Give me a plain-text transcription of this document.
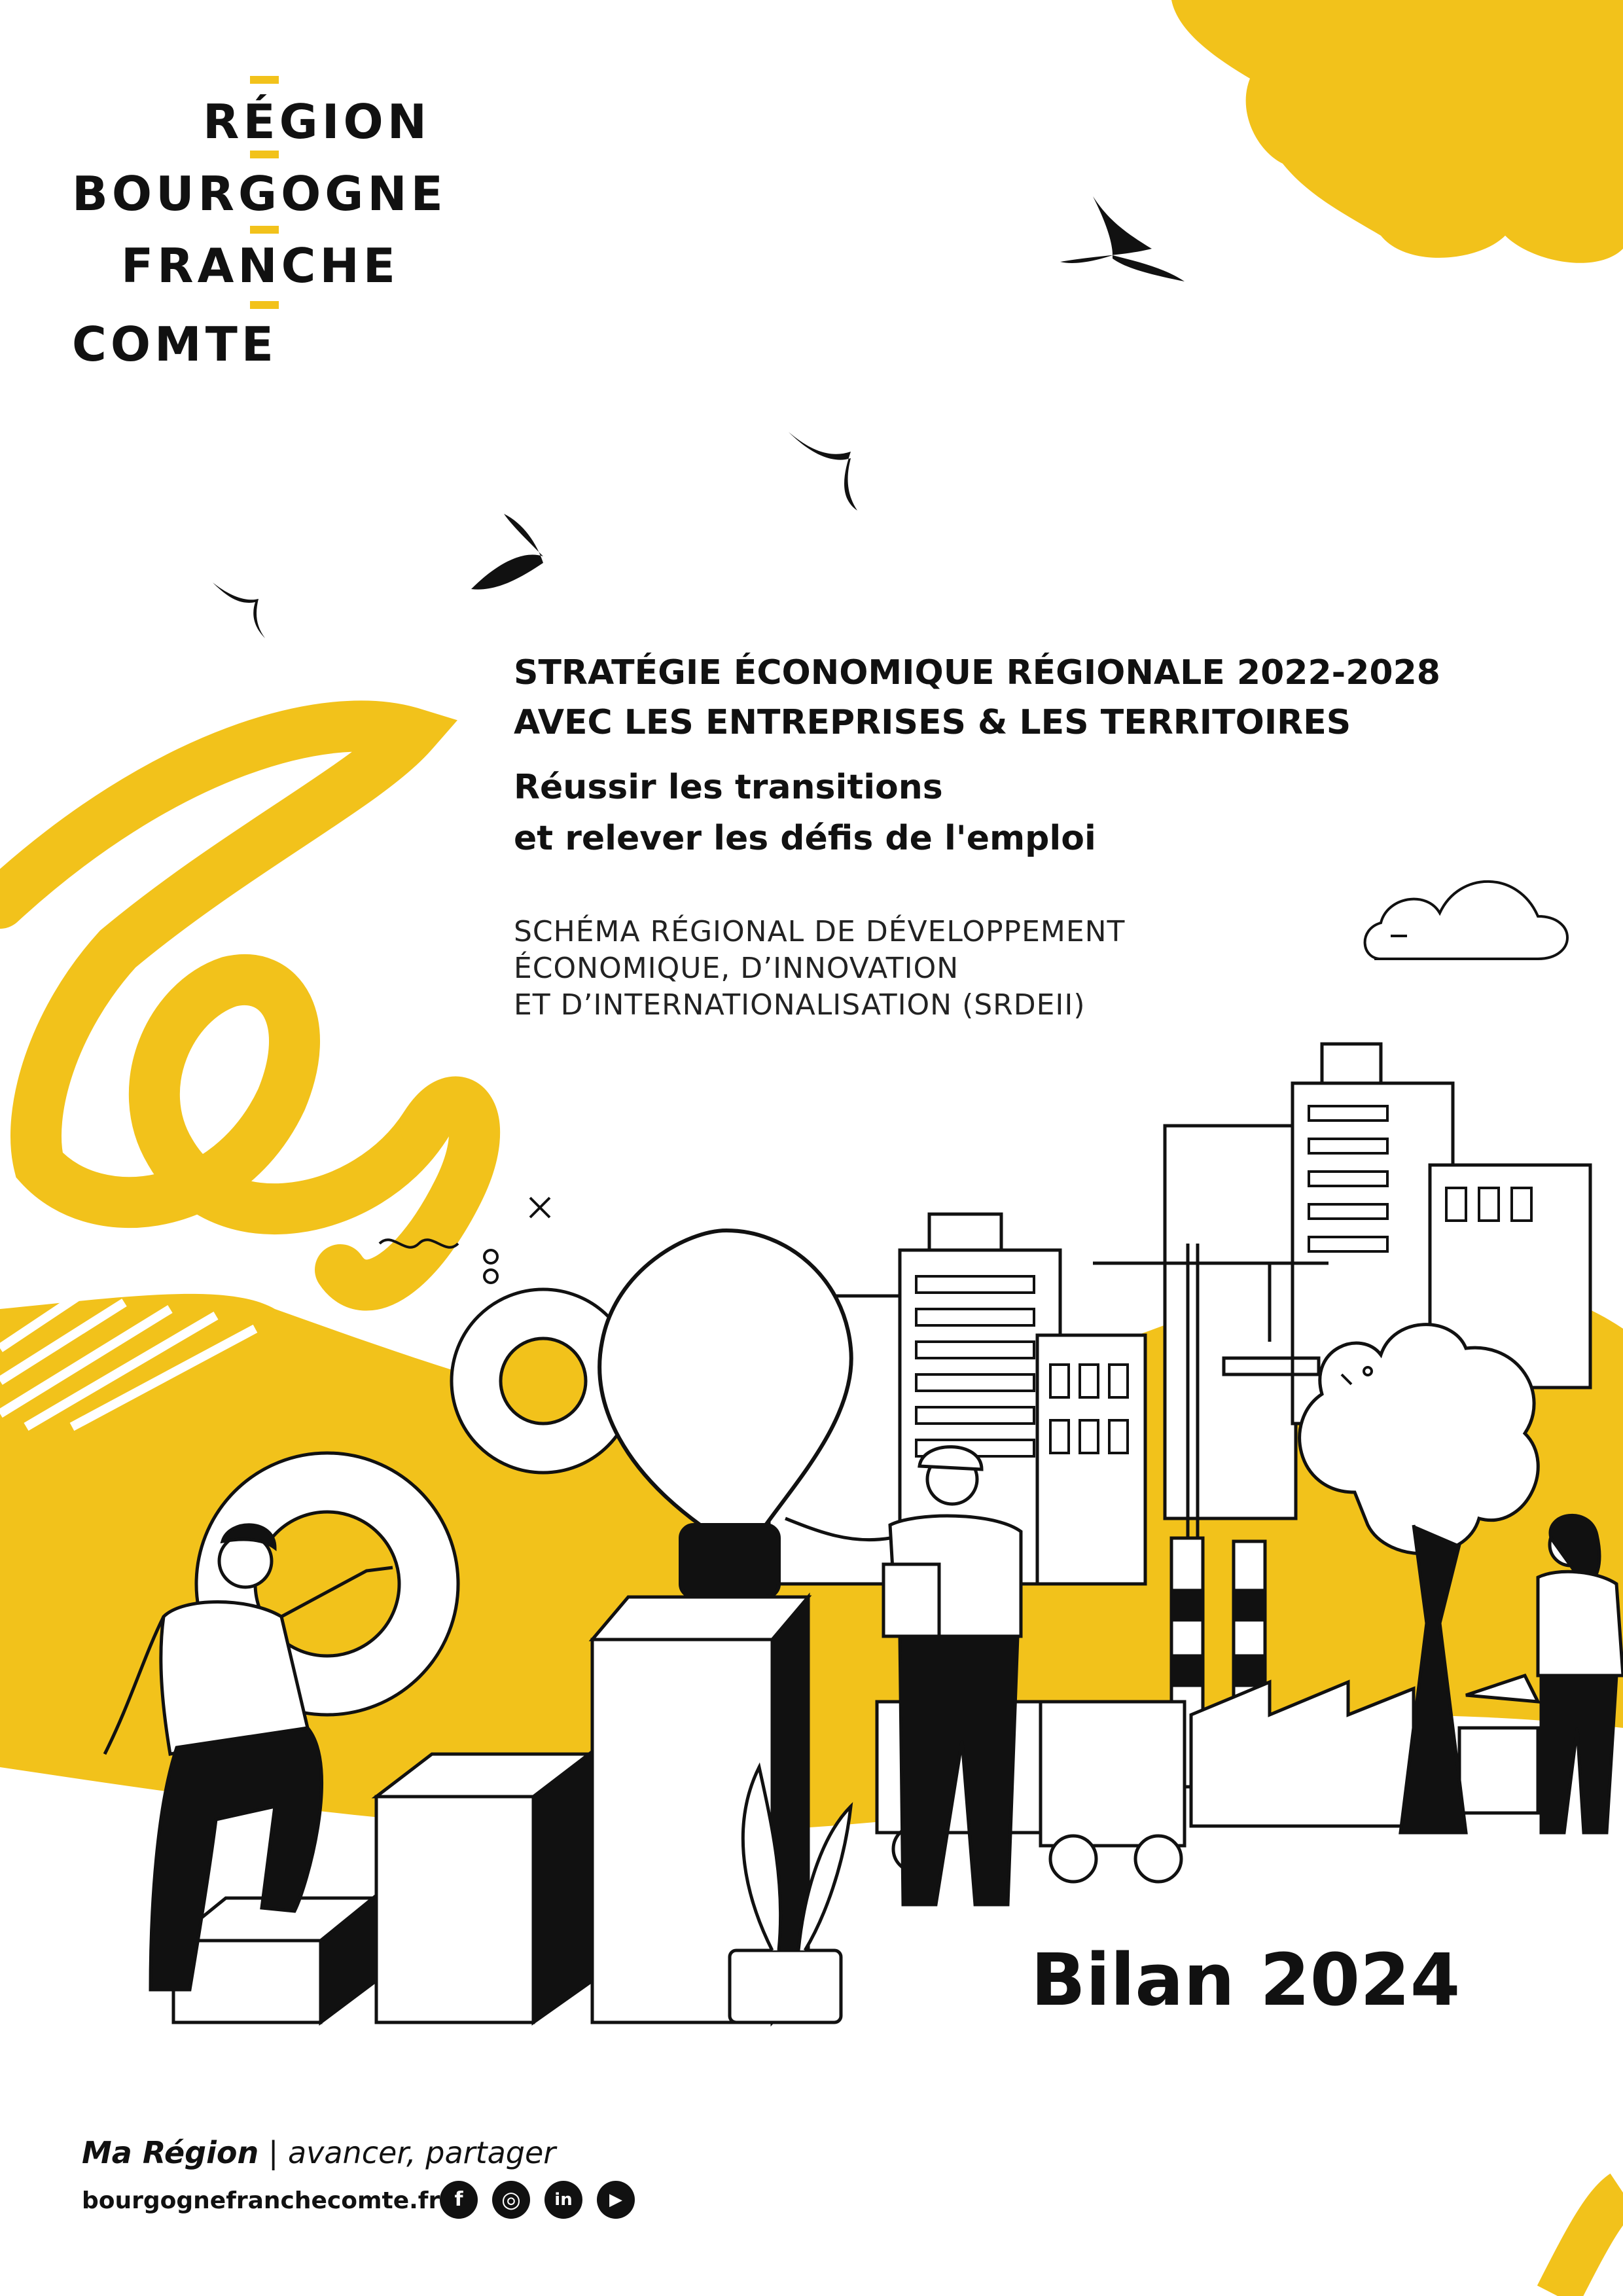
RÉGION
BOURGOGNE
FRANCHE
COMTE
STRATÉGIE ÉCONOMIQUE RÉGIONALE 2022-2028
AVEC LES ENTREPRISES & LES TERRITOIRES
Réussir les transitions
et relever les défis de l'emploi
SCHÉMA RÉGIONAL DE DÉVELOPPEMENT
ÉCONOMIQUE, D’INNOVATION
ET D’INTERNATIONALISATION (SRDEII)
Bilan 2024
Ma Région | avancer, partager
bourgognefranchecomte.fr f	◎	in	▶
